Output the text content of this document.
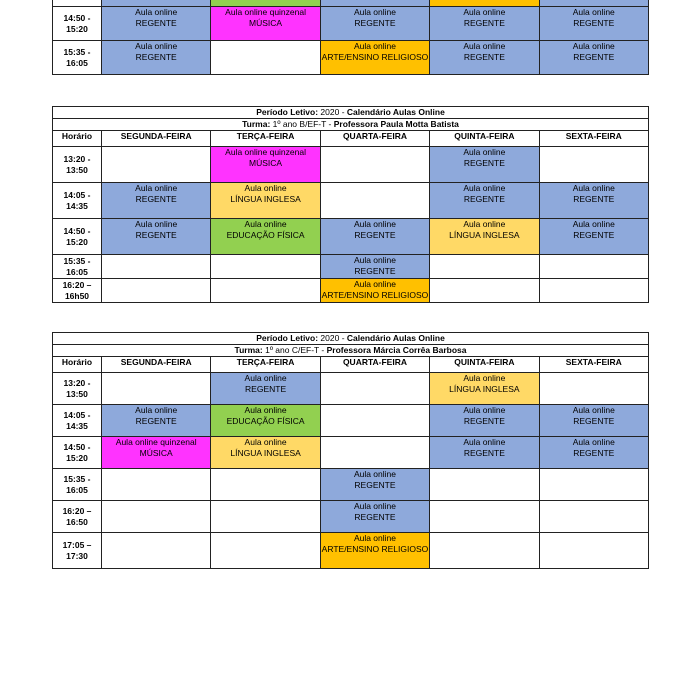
14:50 -
15:20	Aula online
REGENTE	Aula online quinzenal
MÚSICA	Aula online
REGENTE	Aula online
REGENTE	Aula online
REGENTE

15:35 -
16:05	Aula online
REGENTE		Aula online
ARTE/ENSINO RELIGIOSO	Aula online
REGENTE	Aula online
REGENTE
Período Letivo: 2020 - Calendário Aulas Online					
Turma: 1º ano B/EF-T - Professora Paula Motta Batista					
Horário	SEGUNDA-FEIRA	TERÇA-FEIRA	QUARTA-FEIRA	QUINTA-FEIRA	SEXTA-FEIRA

13:20 -
13:50		Aula online quinzenal
MÚSICA		Aula online
REGENTE	

14:05 -
14:35	Aula online
REGENTE	Aula online
LÍNGUA INGLESA		Aula online
REGENTE	Aula online
REGENTE

14:50 -
15:20	Aula online
REGENTE	Aula online
EDUCAÇÃO FÍSICA	Aula online
REGENTE	Aula online
LÍNGUA INGLESA	Aula online
REGENTE

15:35 -
16:05			Aula online
REGENTE		

16:20 –
16h50			Aula online
ARTE/ENSINO RELIGIOSO		

Período Letivo: 2020 - Calendário Aulas Online					
Turma: 1º ano C/EF-T - Professora Márcia Corrêa Barbosa					
Horário	SEGUNDA-FEIRA	TERÇA-FEIRA	QUARTA-FEIRA	QUINTA-FEIRA	SEXTA-FEIRA

13:20 -
13:50		Aula online
REGENTE		Aula online
LÍNGUA INGLESA	

14:05 -
14:35	Aula online
REGENTE	Aula online
EDUCAÇÃO FÍSICA		Aula online
REGENTE	Aula online
REGENTE

14:50 -
15:20	Aula online quinzenal
MÚSICA	Aula online
LÍNGUA INGLESA		Aula online
REGENTE	Aula online
REGENTE

15:35 -
16:05			Aula online
REGENTE		

16:20 –
16:50			Aula online
REGENTE		

17:05 –
17:30			Aula online
ARTE/ENSINO RELIGIOSO		
